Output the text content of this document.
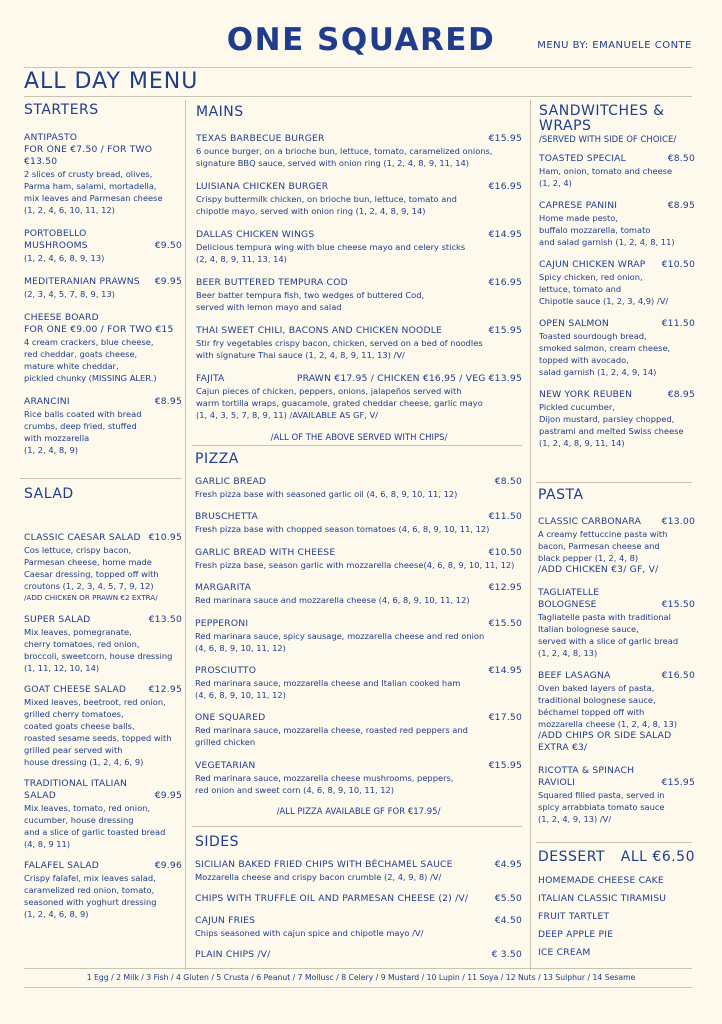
ONE SQUARED	MENU BY: EMANUELE CONTE
ALL DAY MENU
STARTERS
ANTIPASTO
FOR ONE €7.50 / FOR TWO €13.50
2 slices of crusty bread, olives,
Parma ham, salami, mortadella,
mix leaves and Parmesan cheese
(1, 2, 4, 6, 10, 11, 12)
PORTOBELLO
MUSHROOMS	€9.50
(1, 2, 4, 6, 8, 9, 13)
MEDITERANIAN PRAWNS €9.95
(2, 3, 4, 5, 7, 8, 9, 13)
CHEESE BOARD
FOR ONE €9.00 / FOR TWO €15
4 cream crackers, blue cheese,
red cheddar, goats cheese,
mature white cheddar,
pickled chunky (MISSING ALER.)
ARANCINI	€8.95
Rice balls coated with bread
crumbs, deep fried, stuffed
with mozzarella
(1, 2, 4, 8, 9)
SALAD
CLASSIC CAESAR SALAD €10.95
Cos lettuce, crispy bacon,
Parmesan cheese, home made
Caesar dressing, topped off with
croutons (1, 2, 3, 4, 5, 7, 9, 12)
/ADD CHICKEN OR PRAWN €2 EXTRA/
SUPER SALAD	€13.50
Mix leaves, pomegranate,
cherry tomatoes, red onion,
broccoli, sweetcorn, house dressing
(1, 11, 12, 10, 14)
GOAT CHEESE SALAD €12.95
Mixed leaves, beetroot, red onion,
grilled cherry tomatoes,
coated goats cheese balls,
roasted sesame seeds, topped with
grilled pear served with
house dressing (1, 2, 4, 6, 9)
TRADITIONAL ITALIAN
SALAD	€9.95
Mix leaves, tomato, red onion,
cucumber, house dressing
and a slice of garlic toasted bread
(4, 8, 9 11)
FALAFEL SALAD	€9.96
Crispy falafel, mix leaves salad,
caramelized red onion, tomato,
seasoned with yoghurt dressing
(1, 2, 4, 6, 8, 9)
MAINS
TEXAS BARBECUE BURGER	€15.95
6 ounce burger, on a brioche bun, lettuce, tomato, caramelized onions,
signature BBQ sauce, served with onion ring (1, 2, 4, 8, 9, 11, 14)
LUISIANA CHICKEN BURGER	€16.95
Crispy buttermilk chicken, on brioche bun, lettuce, tomato and
chipotle mayo, served with onion ring (1, 2, 4, 8, 9, 14)
DALLAS CHICKEN WINGS	€14.95
Delicious tempura wing with blue cheese mayo and celery sticks
(2, 4, 8, 9, 11, 13, 14)
BEER BUTTERED TEMPURA COD	€16.95
Beer batter tempura fish, two wedges of buttered Cod,
served with lemon mayo and salad
THAI SWEET CHILI, BACONS AND CHICKEN NOODLE	€15.95
Stir fry vegetables crispy bacon, chicken, served on a bed of noodles
with signature Thai sauce (1, 2, 4, 8, 9, 11, 13) /V/
FAJITA	PRAWN €17.95 / CHICKEN €16.95 / VEG €13.95
Cajun pieces of chicken, peppers, onions, jalapeños served with
warm tortilla wraps, guacamole, grated cheddar cheese, garlic mayo
(1, 4, 3, 5, 7, 8, 9, 11) /AVAILABLE AS GF, V/
/ALL OF THE ABOVE SERVED WITH CHIPS/
PIZZA
GARLIC BREAD	€8.50
Fresh pizza base with seasoned garlic oil (4, 6, 8, 9, 10, 11, 12)
BRUSCHETTA	€11.50
Fresh pizza base with chopped season tomatoes (4, 6, 8, 9, 10, 11, 12)
GARLIC BREAD WITH CHEESE	€10.50
Fresh pizza base, season garlic with mozzarella cheese(4, 6, 8, 9, 10, 11, 12)
MARGARITA	€12.95
Red marinara sauce and mozzarella cheese (4, 6, 8, 9, 10, 11, 12)
PEPPERONI	€15.50
Red marinara sauce, spicy sausage, mozzarella cheese and red onion
(4, 6, 8, 9, 10, 11, 12)
PROSCIUTTO	€14.95
Red marinara sauce, mozzarella cheese and Italian cooked ham
(4, 6, 8, 9, 10, 11, 12)
ONE SQUARED	€17.50
Red marinara sauce, mozzarella cheese, roasted red peppers and
grilled chicken
VEGETARIAN	€15.95
Red marinara sauce, mozzarella cheese mushrooms, peppers,
red onion and sweet corn (4, 6, 8, 9, 10, 11, 12)
/ALL PIZZA AVAILABLE GF FOR €17.95/
SIDES
SICILIAN BAKED FRIED CHIPS WITH BÉCHAMEL SAUCE	€4.95
Mozzarella cheese and crispy bacon crumble (2, 4, 9, 8) /V/
CHIPS WITH TRUFFLE OIL AND PARMESAN CHEESE (2) /V/	€5.50
CAJUN FRIES	€4.50
Chips seasoned with cajun spice and chipotle mayo /V/
PLAIN CHIPS /V/	€ 3.50
SANDWITCHES &
WRAPS
/SERVED WITH SIDE OF CHOICE/
TOASTED SPECIAL	€8.50
Ham, onion, tomato and cheese
(1, 2, 4)
CAPRESE PANINI	€8.95
Home made pesto,
buffalo mozzarella, tomato
and salad garnish (1, 2, 4, 8, 11)
CAJUN CHICKEN WRAP €10.50
Spicy chicken, red onion,
lettuce, tomato and
Chipotle sauce (1, 2, 3, 4,9) /V/
OPEN SALMON	€11.50
Toasted sourdough bread,
smoked salmon, cream cheese,
topped with avocado,
salad garnish (1, 2, 4, 9, 14)
NEW YORK REUBEN	€8.95
Pickled cucumber,
Dijon mustard, parsley chopped,
pastrami and melted Swiss cheese
(1, 2, 4, 8, 9, 11, 14)
PASTA
CLASSIC CARBONARA €13.00
A creamy fettuccine pasta with
bacon, Parmesan cheese and
black pepper (1, 2, 4, 8)
/ADD CHICKEN €3/ GF, V/
TAGLIATELLE
BOLOGNESE	€15.50
Tagliatelle pasta with traditional
Italian bolognese sauce,
served with a slice of garlic bread
(1, 2, 4, 8, 13)
BEEF LASAGNA	€16.50
Oven baked layers of pasta,
traditional bolognese sauce,
béchamel topped off with
mozzarella cheese (1, 2, 4, 8, 13)
/ADD CHIPS OR SIDE SALAD
EXTRA €3/
RICOTTA & SPINACH
RAVIOLI	€15.95
Squared filled pasta, served in
spicy arrabbiata tomato sauce
(1, 2, 4, 9, 13) /V/
DESSERT ALL €6.50
HOMEMADE CHEESE CAKE
ITALIAN CLASSIC TIRAMISU
FRUIT TARTLET
DEEP APPLE PIE
ICE CREAM
1 Egg / 2 Milk / 3 Fish / 4 Gluten / 5 Crusta / 6 Peanut / 7 Mollusc / 8 Celery / 9 Mustard / 10 Lupin / 11 Soya / 12 Nuts / 13 Sulphur / 14 Sesame
